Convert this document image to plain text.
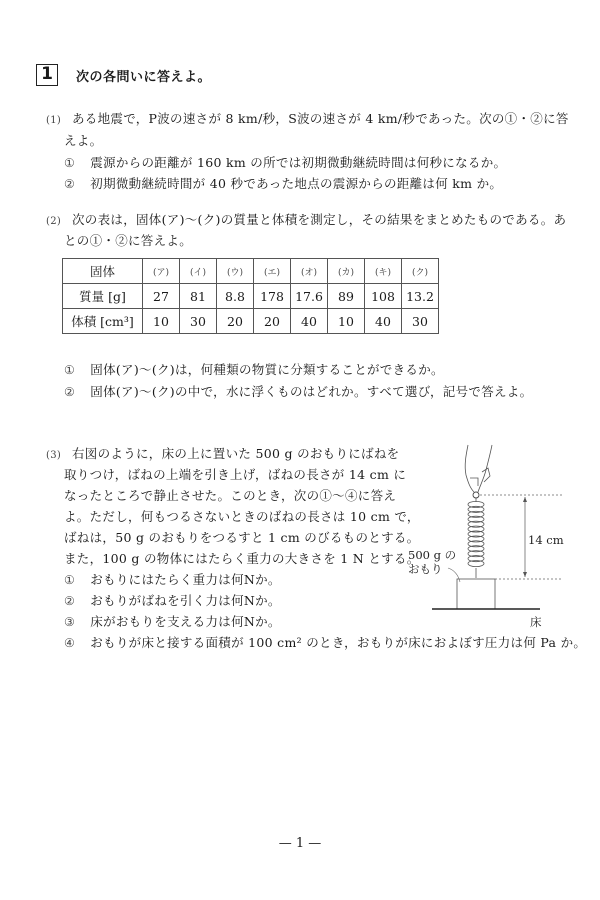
1	次の各問いに答えよ。
(1) ある地震で，P波の速さが 8 km/秒，S波の速さが 4 km/秒であった。次の①・②に答
えよ。
① 震源からの距離が 160 km の所では初期微動継続時間は何秒になるか。
② 初期微動継続時間が 40 秒であった地点の震源からの距離は何 km か。
(2) 次の表は，固体(ア)～(ク)の質量と体積を測定し，その結果をまとめたものである。あ
との①・②に答えよ。
固体	(ア)	(イ)	(ウ)	(エ)	(オ)	(カ)	(キ)	(ク)
質量 [g]	27	81	8.8	178	17.6	89	108	13.2
体積 [cm³]	10	30	20	20	40	10	40	30
① 固体(ア)～(ク)は，何種類の物質に分類することができるか。
② 固体(ア)～(ク)の中で，水に浮くものはどれか。すべて選び，記号で答えよ。
(3) 右図のように，床の上に置いた 500 g のおもりにばねを
取りつけ，ばねの上端を引き上げ，ばねの長さが 14 cm に
なったところで静止させた。このとき，次の①～④に答え
よ。ただし，何もつるさないときのばねの長さは 10 cm で，
ばねは，50 g のおもりをつるすと 1 cm のびるものとする。
また，100 g の物体にはたらく重力の大きさを 1 N とする。
① おもりにはたらく重力は何Nか。
② おもりがばねを引く力は何Nか。
③ 床がおもりを支える力は何Nか。
④ おもりが床と接する面積が 100 cm² のとき，おもりが床におよぼす圧力は何 Pa か。
14 cm
500 g の
おもり
床
— 1 —
